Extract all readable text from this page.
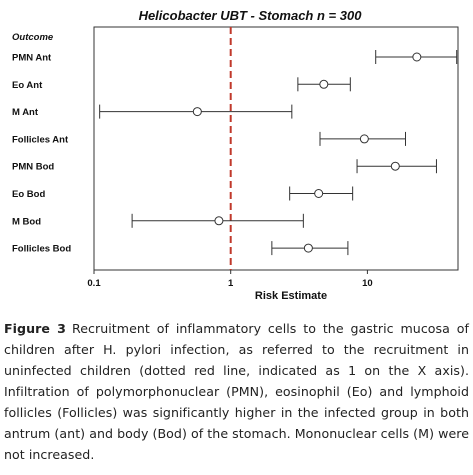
Helicobacter UBT - Stomach n = 300
Outcome
0.1	1	10
Risk Estimate
PMN Ant
Eo Ant
M Ant
Follicles Ant
PMN Bod
Eo Bod
M Bod
Follicles Bod
Figure 3 Recruitment of inflammatory cells to the gastric mucosa of children after H. pylori infection, as referred to the recruitment in uninfected children (dotted red line, indicated as 1 on the X axis). Infiltration of polymorphonuclear (PMN), eosinophil (Eo) and lymphoid follicles (Follicles) was significantly higher in the infected group in both antrum (ant) and body (Bod) of the stomach. Mononuclear cells (M) were not increased.
